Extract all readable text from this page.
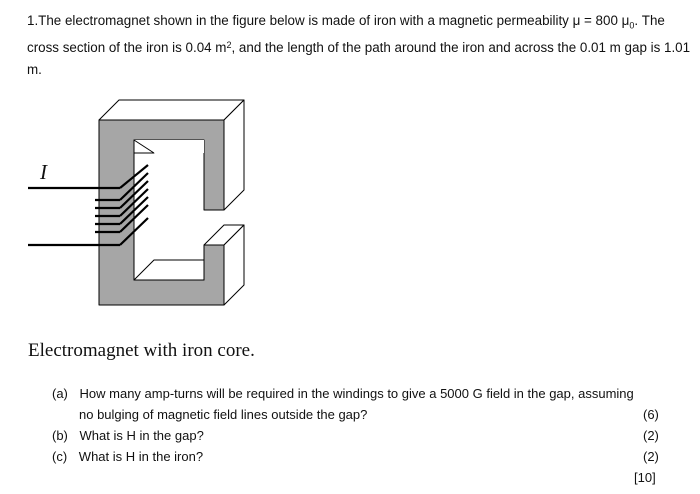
1.The electromagnet shown in the figure below is made of iron with a magnetic permeability μ = 800 $\mu_0$. The cross section of the iron is 0.04 $m^2$, and the length of the path around the iron and across the 0.01 m gap is 1.01 m.
I
Electromagnet with iron core.
(a) How many amp-turns will be required in the windings to give a 5000 G field in the gap, assuming
no bulging of magnetic field lines outside the gap?	(6)
(b) What is H in the gap?	(2)
(c) What is H in the iron?	(2)
[10]
